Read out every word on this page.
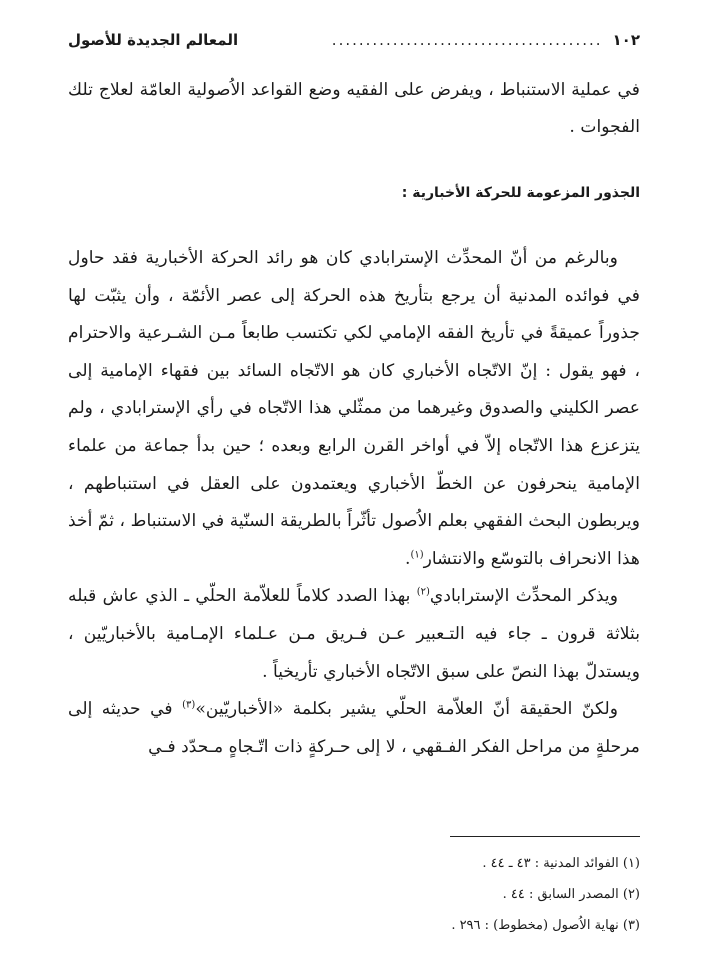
١٠٢
........................................
المعالم الجديدة للأصول

في عملية الاستنباط ، ويفرض على الفقيه وضع القواعد الاُصولية العامّة لعلاج تلك الفجوات .

الجذور المزعومة للحركة الأخبارية :

وبالرغم من أنّ المحدِّث الإسترابادي كان هو رائد الحركة الأخبارية فقد حاول في فوائده المدنية أن يرجع بتأريخ هذه الحركة إلى عصر الأئمّة ، وأن يثبّت لها جذوراً عميقةً في تأريخ الفقه الإمامي لكي تكتسب طابعاً مـن الشـرعية والاحترام ، فهو يقول : إنّ الاتّجاه الأخباري كان هو الاتّجاه السائد بين فقهاء الإمامية إلى عصر الكليني والصدوق وغيرهما من ممثّلي هذا الاتّجاه في رأي الإسترابادي ، ولم يتزعزع هذا الاتّجاه إلاّ في أواخر القرن الرابع وبعده ؛ حين بدأ جماعة من علماء الإمامية ينحرفون عن الخطّ الأخباري ويعتمدون على العقل في استنباطهم ، ويربطون البحث الفقهي بعلم الاُصول تأثّراً بالطريقة السنّية في الاستنباط ، ثمّ أخذ هذا الانحراف بالتوسّع والانتشار$^{(١)}$.

ويذكر المحدِّث الإسترابادي$^{(٢)}$ بهذا الصدد كلاماً للعلاّمة الحلّي ـ الذي عاش قبله بثلاثة قرون ـ جاء فيه التـعبير عـن فـريق مـن عـلماء الإمـامية بالأخباريّين ، ويستدلّ بهذا النصّ على سبق الاتّجاه الأخباري تأريخياً .

ولكنّ الحقيقة أنّ العلاّمة الحلّي يشير بكلمة «الأخباريّين»$^{(٣)}$ في حديثه إلى مرحلةٍ من مراحل الفكر الفـقهي ، لا إلى حـركةٍ ذات اتّـجاهٍ مـحدّد فـي

(١) الفوائد المدنية : ٤٣ ـ ٤٤ .
(٢) المصدر السابق : ٤٤ .
(٣) نهاية الاُصول (مخطوط) : ٢٩٦ .
